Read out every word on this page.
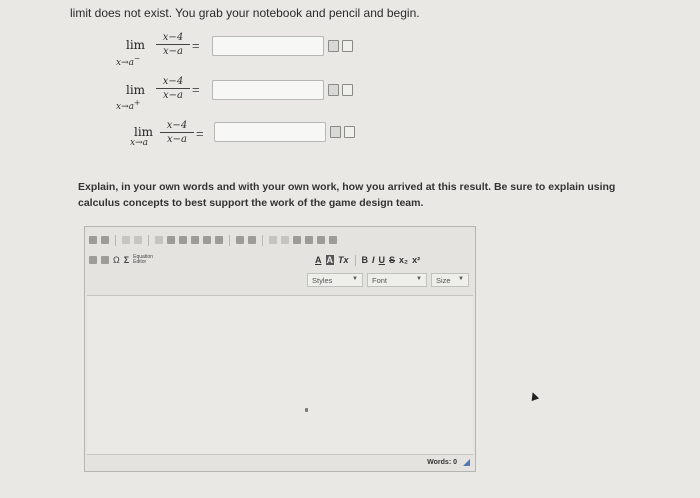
limit does not exist. You grab your notebook and pencil and begin.
lim
x→a−
$\frac{x-4}{x-a}$ =
lim
x→a+
$\frac{x-4}{x-a}$ =
lim
$x\to a \frac{x-4}{x-a}$ =
Explain, in your own words and with your own work, how you arrived at this result. Be sure to explain using calculus concepts to best support the work of the game design team.
Ω Σ Equation Editor	A A Tx B I U S x₂ x²
Styles	▼	Font	▼	Size ▼
Words: 0
